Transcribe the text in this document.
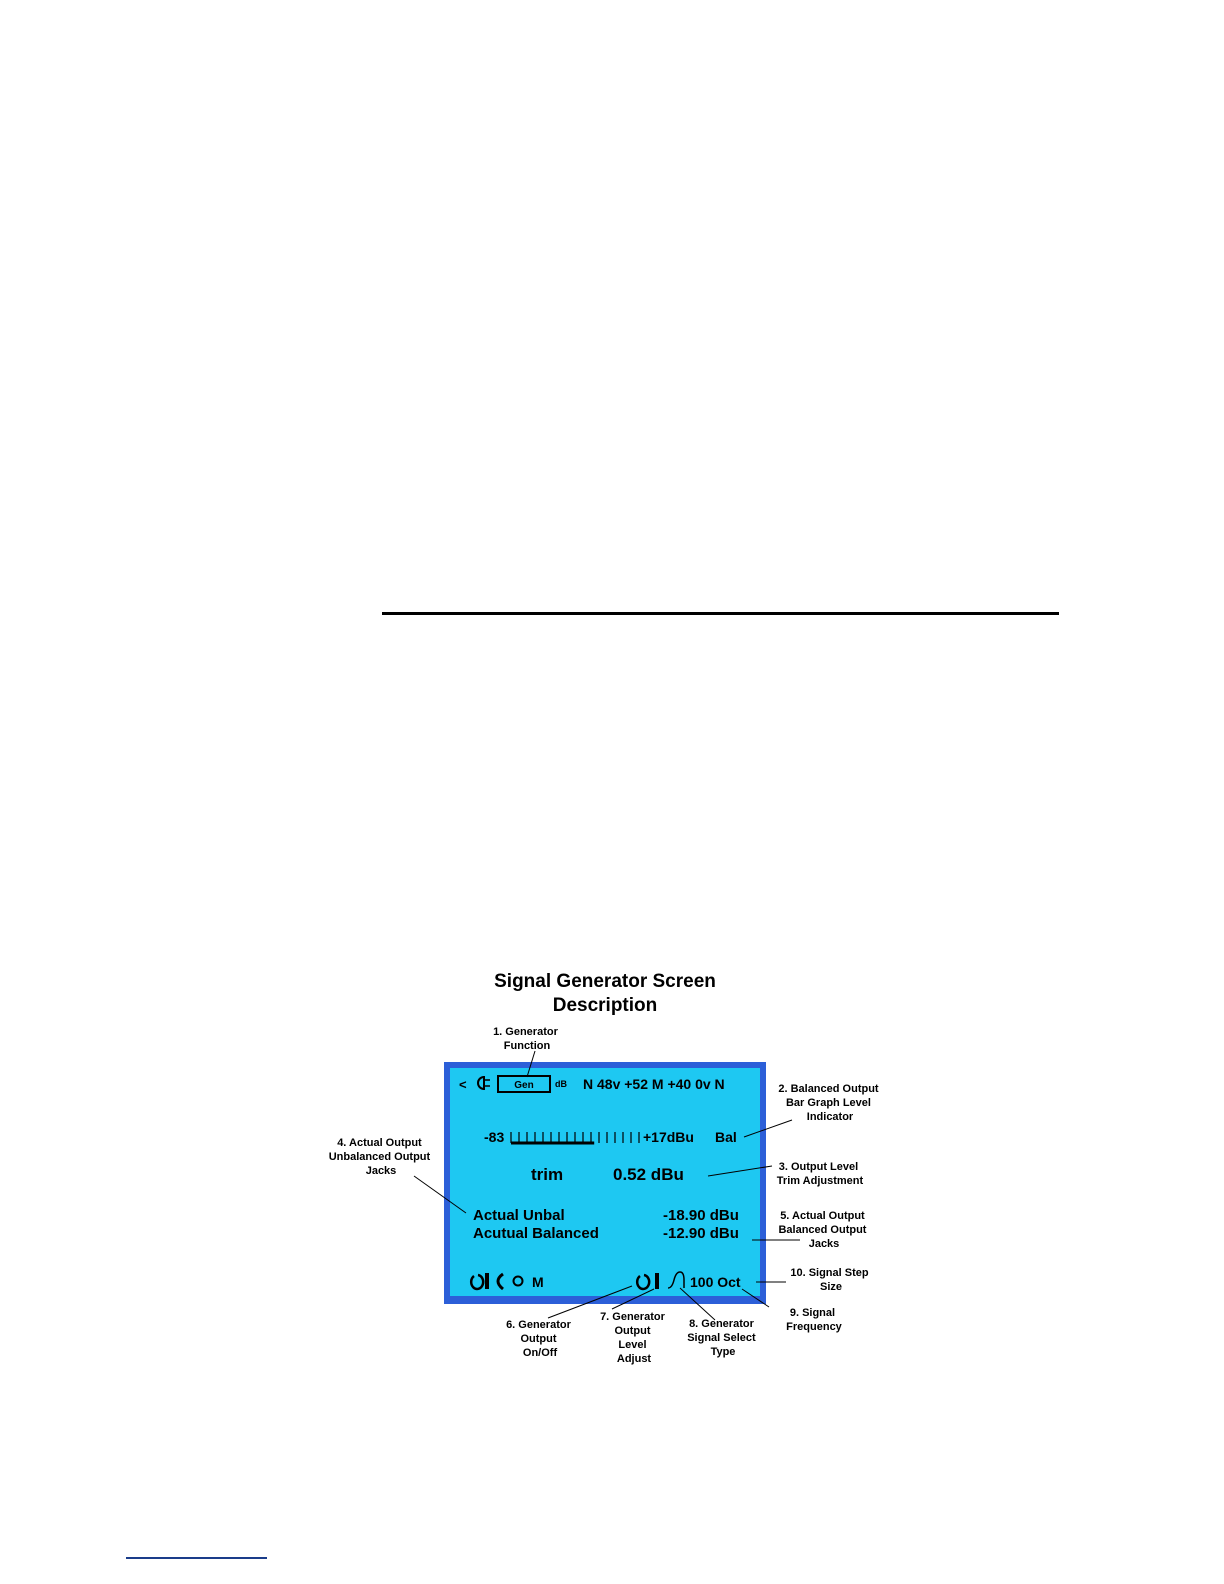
Signal Generator Screen
Description
<	Gen dB N 48v +52 M +40 0v N
-83	+17dBu Bal
trim	0.52 dBu
Actual Unbal	-18.90 dBu
Acutual Balanced	-12.90 dBu
M	100 Oct
1. Generator Function
2. Balanced Output Bar Graph Level Indicator
3. Output Level Trim Adjustment
4. Actual Output Unbalanced Output Jacks
5. Actual Output Balanced Output Jacks
6. Generator Output On/Off
7. Generator Output Level Adjust
8. Generator Signal Select Type
9. Signal Frequency
10. Signal Step Size
